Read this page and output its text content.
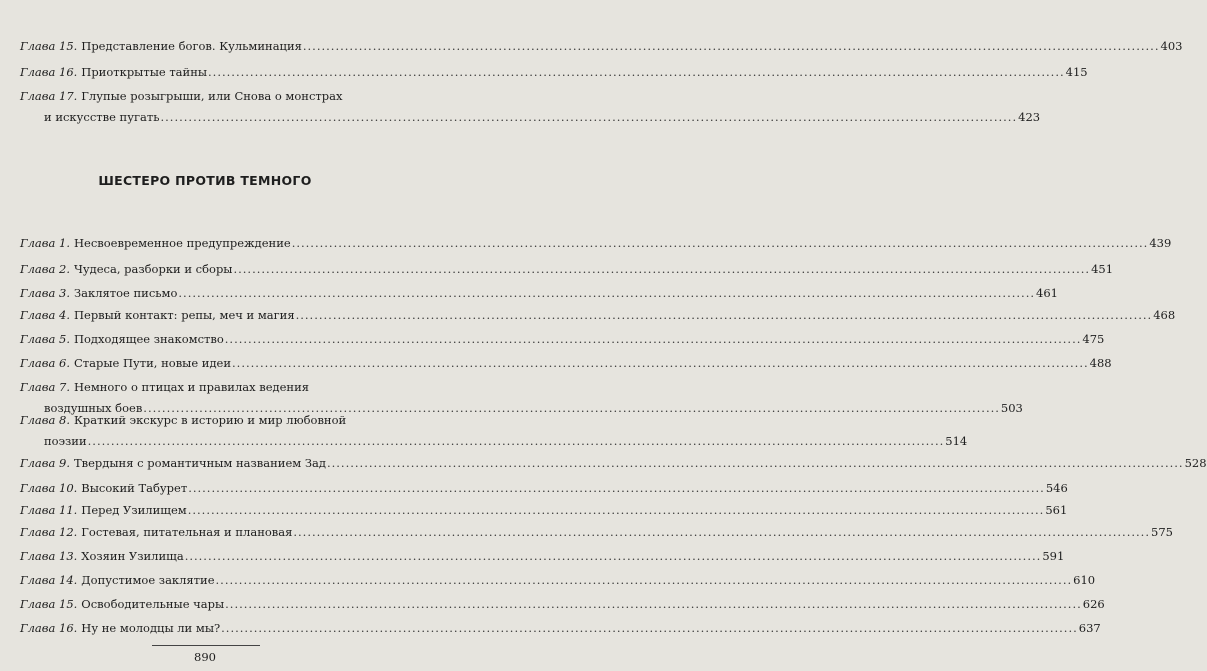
Глава 15. Представление богов. Кульминация .....	403
Глава 16. Приоткрытые тайны .....	415
Глава 17. Глупые розыгрыши, или Снова о монстрах
и искусстве пугать .....	423
ШЕСТЕРО ПРОТИВ ТЕМНОГО
Глава 1. Несвоевременное предупреждение .....	439
Глава 2. Чудеса, разборки и сборы .....	451
Глава 3. Заклятое письмо .....	461
Глава 4. Первый контакт: репы, меч и магия .....	468
Глава 5. Подходящее знакомство .....	475
Глава 6. Старые Пути, новые идеи .....	488
Глава 7. Немного о птицах и правилах ведения
воздушных боев .....	503
Глава 8. Краткий экскурс в историю и мир любовной
поэзии .....	514
Глава 9. Твердыня с романтичным названием Зад .....	528
Глава 10. Высокий Табурет .....	546
Глава 11. Перед Узилищем .....	561
Глава 12. Гостевая, питательная и плановая .....	575
Глава 13. Хозяин Узилища .....	591
Глава 14. Допустимое заклятие .....	610
Глава 15. Освободительные чары .....	626
Глава 16. Ну не молодцы ли мы? .....	637
890
